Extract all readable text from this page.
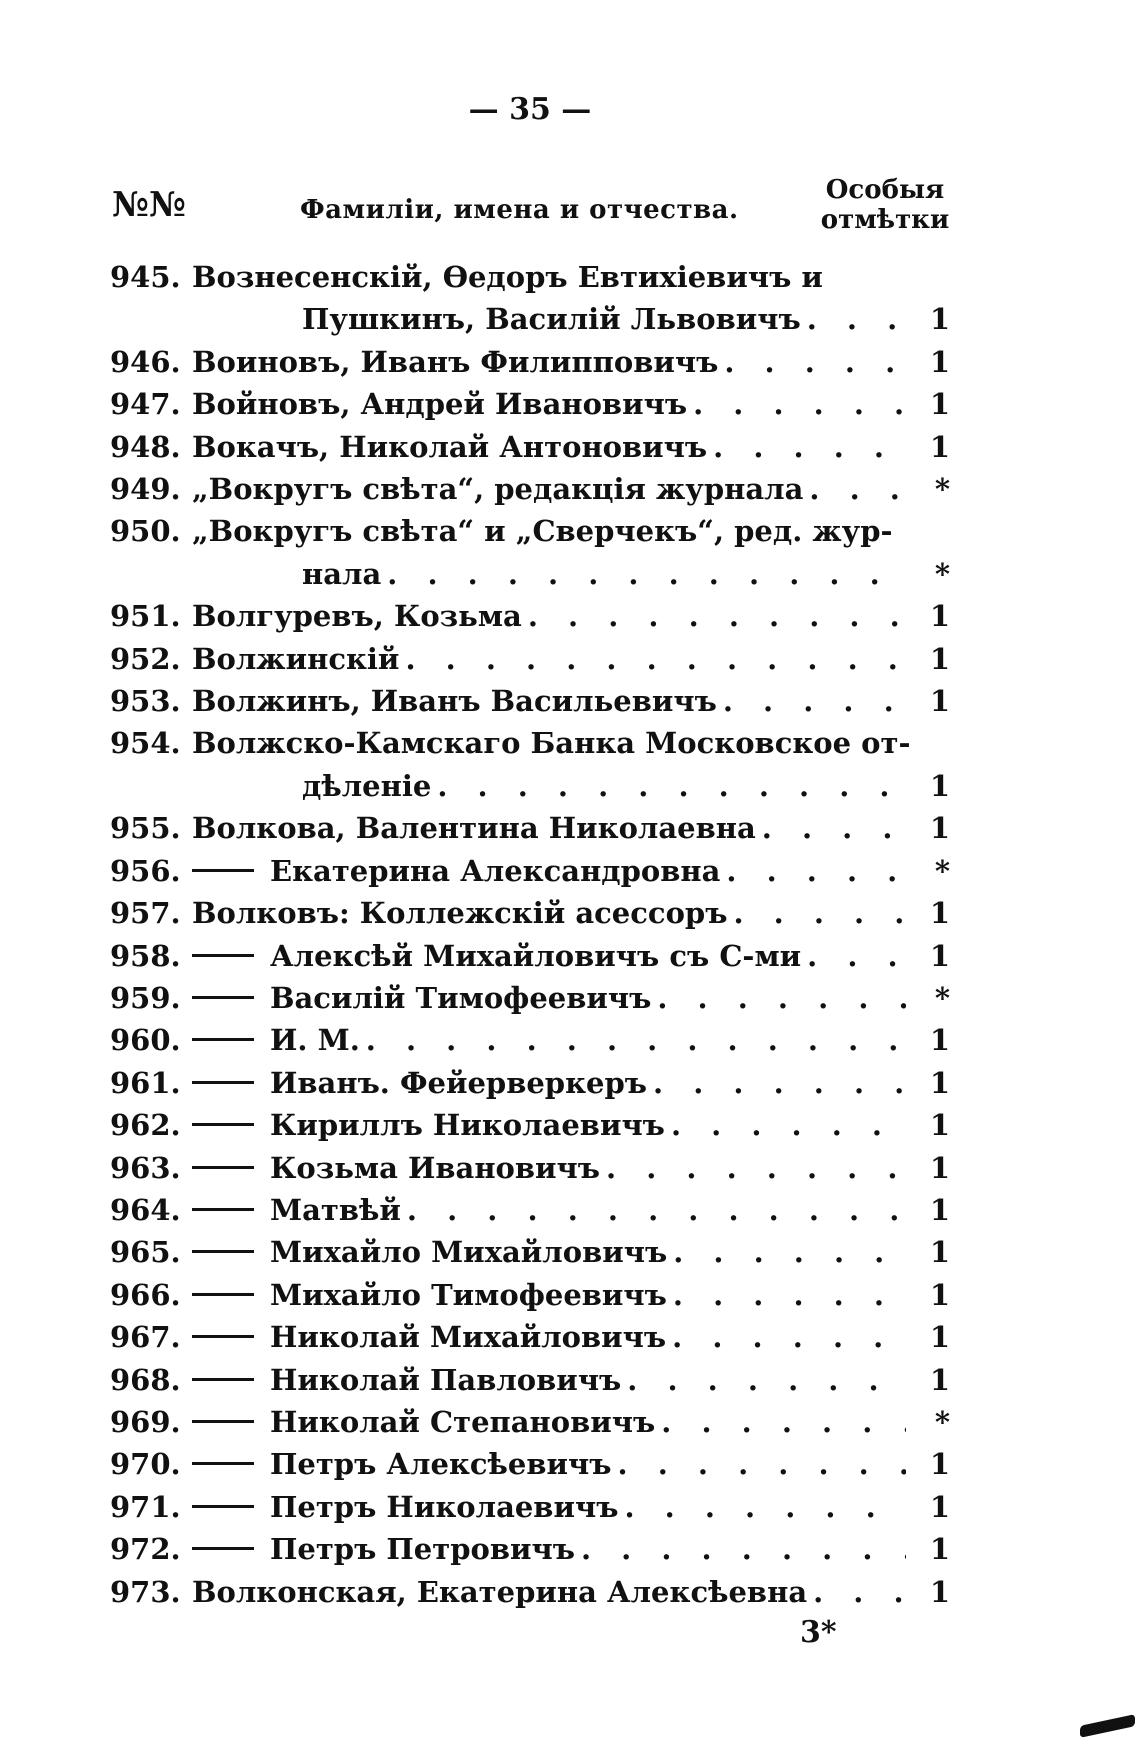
— 35 —
№№	Фамиліи, имена и отчества.
Особыя
отмѣтки
945. Вознесенскій, Ѳедоръ Евтихіевичъ и
Пушкинъ, Василій Львовичъ . . .	1
946. Воиновъ, Иванъ Филипповичъ . . .	1
947. Войновъ, Андрей Ивановичъ . . .	1
948. Вокачъ, Николай Антоновичъ . . .	1
949. „Вокругъ свѣта“, редакція журнала . . .	*
950. „Вокругъ свѣта“ и „Сверчекъ“, ред. жур-
нала . . .	*
951. Волгуревъ, Козьма . . .	1
952. Волжинскій . . .	1
953. Волжинъ, Иванъ Васильевичъ . . .	1
954. Волжско-Камскаго Банка Московское от-
дѣленіе . . .	1
955. Волкова, Валентина Николаевна . . .	1
956.	Екатерина Александровна . . .	*
957. Волковъ: Коллежскій асессоръ . . .	1
958.	Алексѣй Михайловичъ съ С-ми . . .	1
959.	Василій Тимофеевичъ . . .	*
960.	И. М. . . .	1
961.	Иванъ. Фейерверкеръ . . .	1
962.	Кириллъ Николаевичъ . . .	1
963.	Козьма Ивановичъ . . .	1
964.	Матвѣй . . .	1
965.	Михайло Михайловичъ . . .	1
966.	Михайло Тимофеевичъ . . .	1
967.	Николай Михайловичъ . . .	1
968.	Николай Павловичъ . . .	1
969.	Николай Степановичъ . . .	*
970.	Петръ Алексѣевичъ . . .	1
971.	Петръ Николаевичъ . . .	1
972.	Петръ Петровичъ . . .	1
973. Волконская, Екатерина Алексѣевна . . .	1
3*
